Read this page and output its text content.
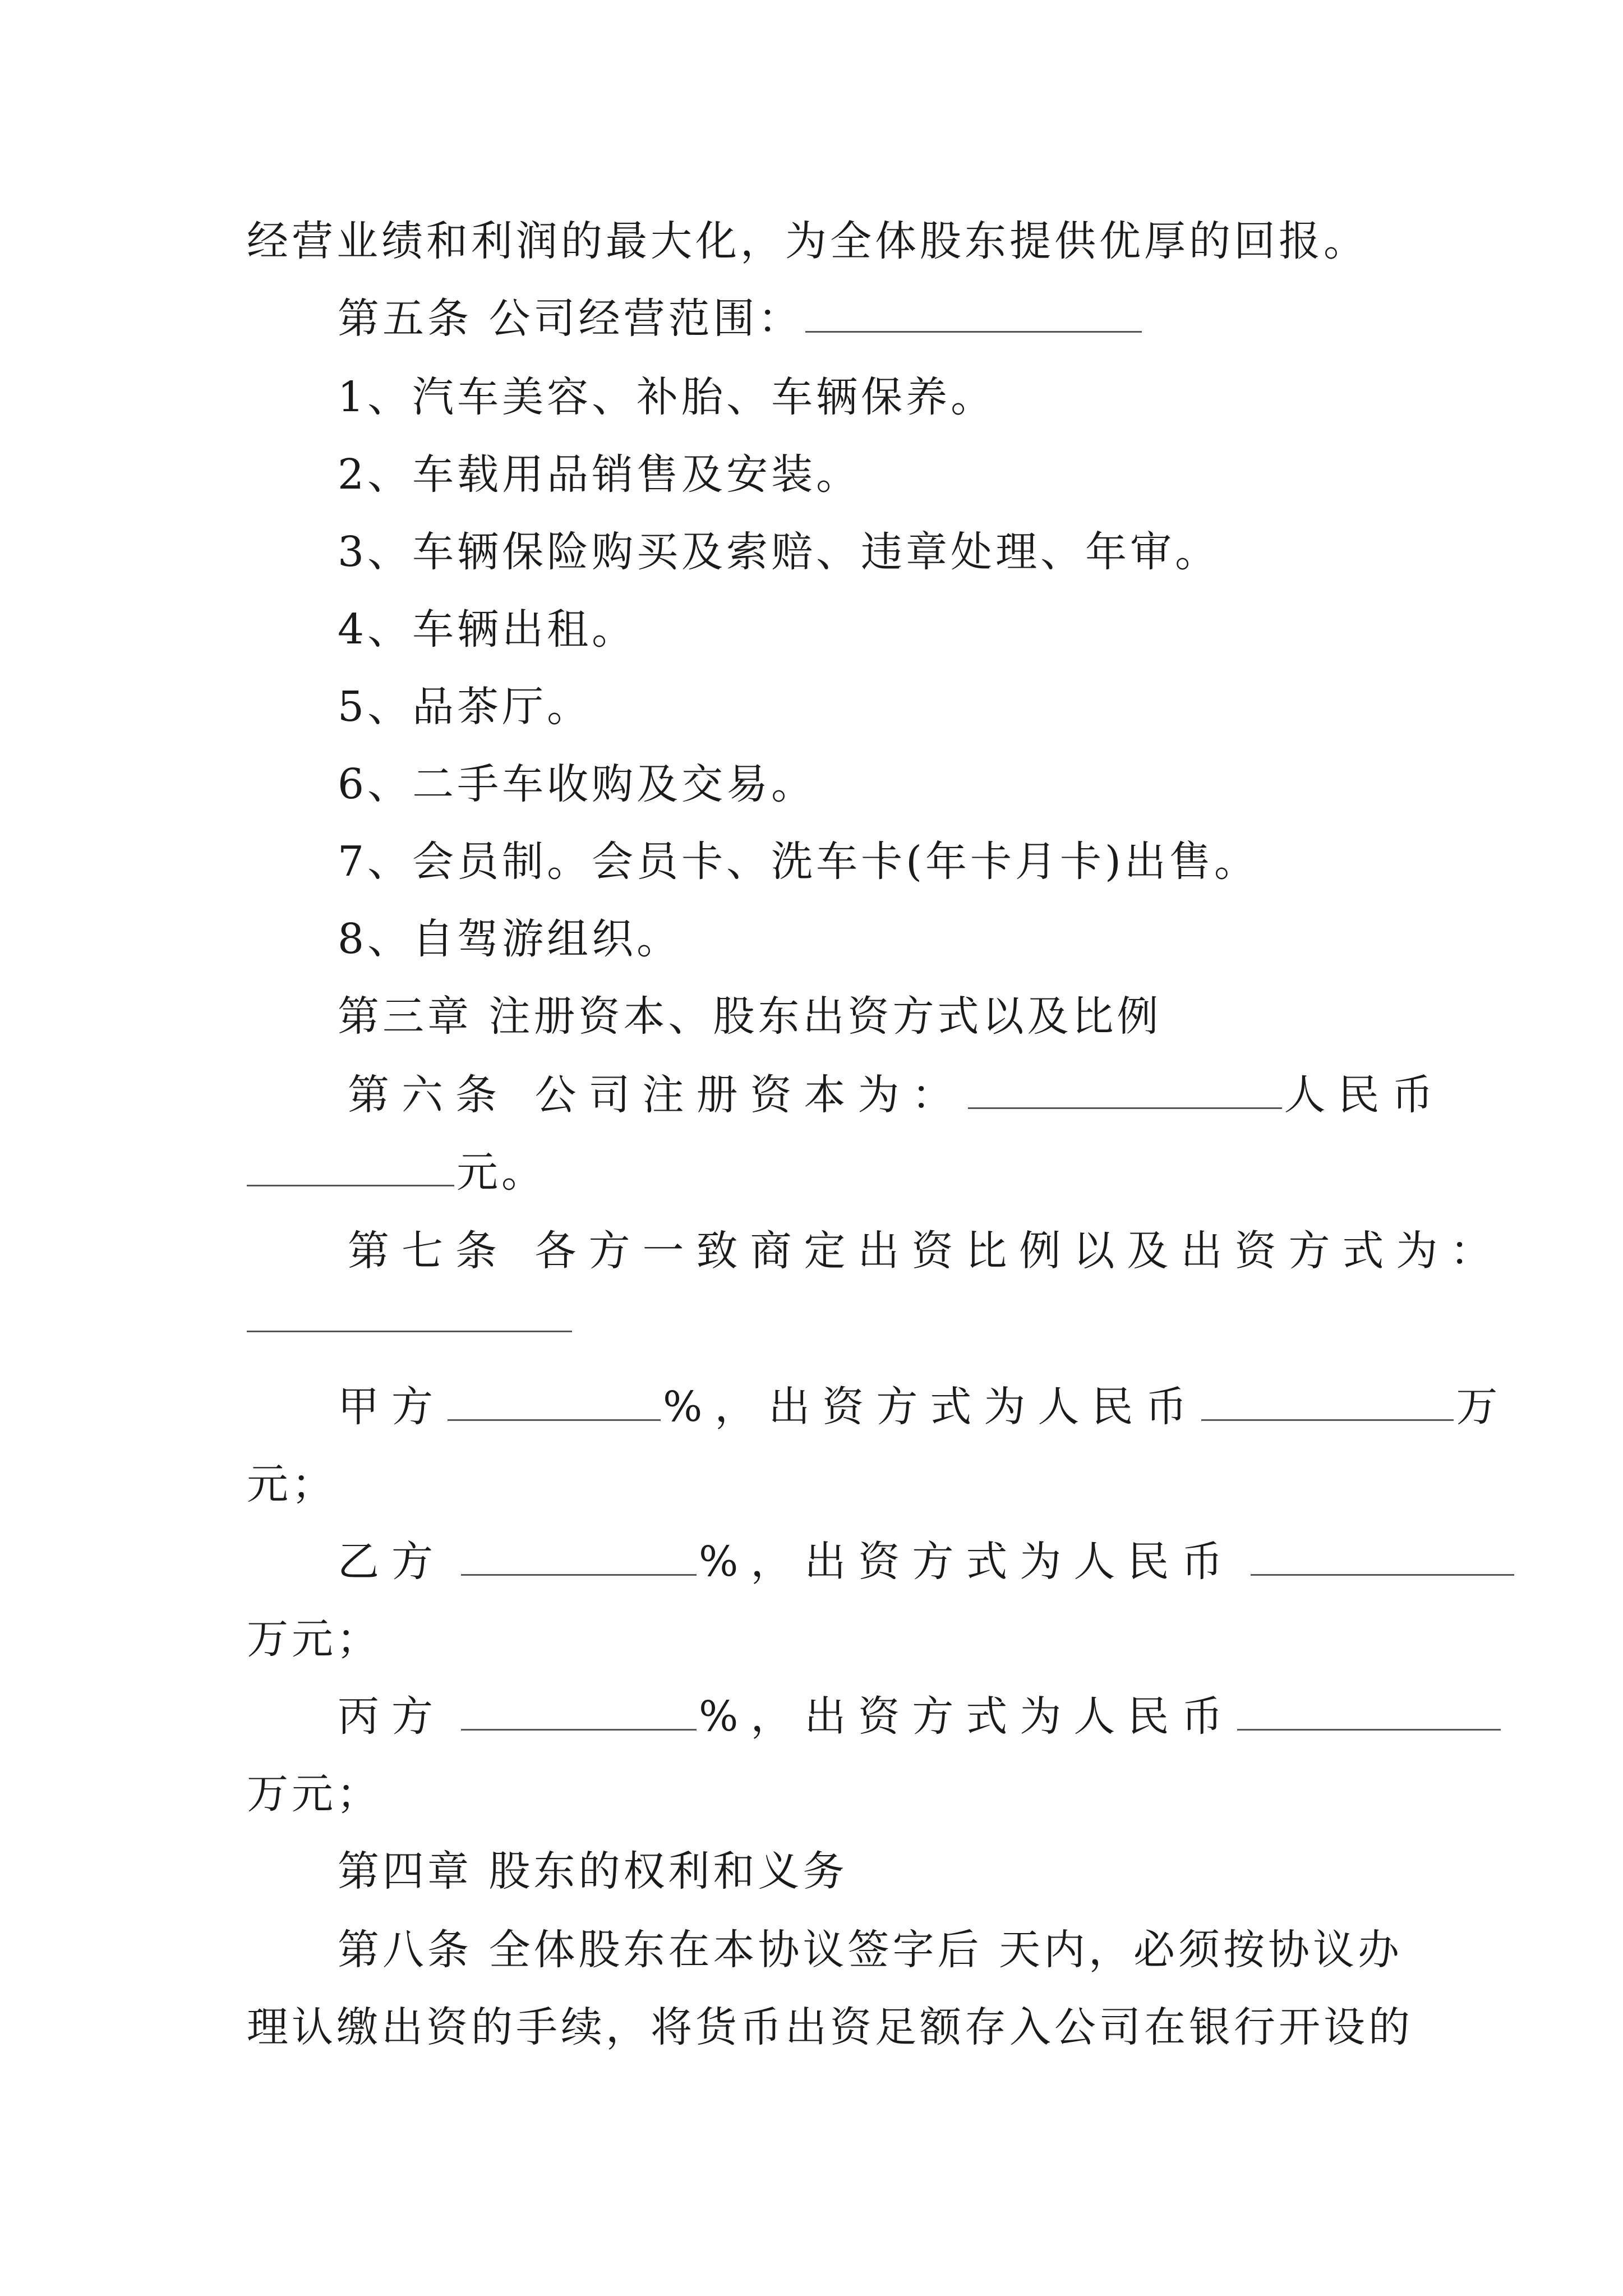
经营业绩和利润的最大化，为全体股东提供优厚的回报。
第五条 公司经营范围：
1、汽车美容、补胎、车辆保养。
2、车载用品销售及安装。
3、车辆保险购买及索赔、违章处理、年审。
4、车辆出租。
5、品茶厅。
6、二手车收购及交易。
7、会员制。会员卡、洗车卡(年卡月卡)出售。
8、自驾游组织。
第三章 注册资本、股东出资方式以及比例
第六条 公司注册资本为：	人民币
元。
第七条 各方一致商定出资比例以及出资方式为：
甲方	%，出资方式为人民币	万
元；
乙方	%，出资方式为人民币
万元；
丙方	%，出资方式为人民币
万元；
第四章 股东的权利和义务
第八条 全体股东在本协议签字后 天内，必须按协议办
理认缴出资的手续，将货币出资足额存入公司在银行开设的
